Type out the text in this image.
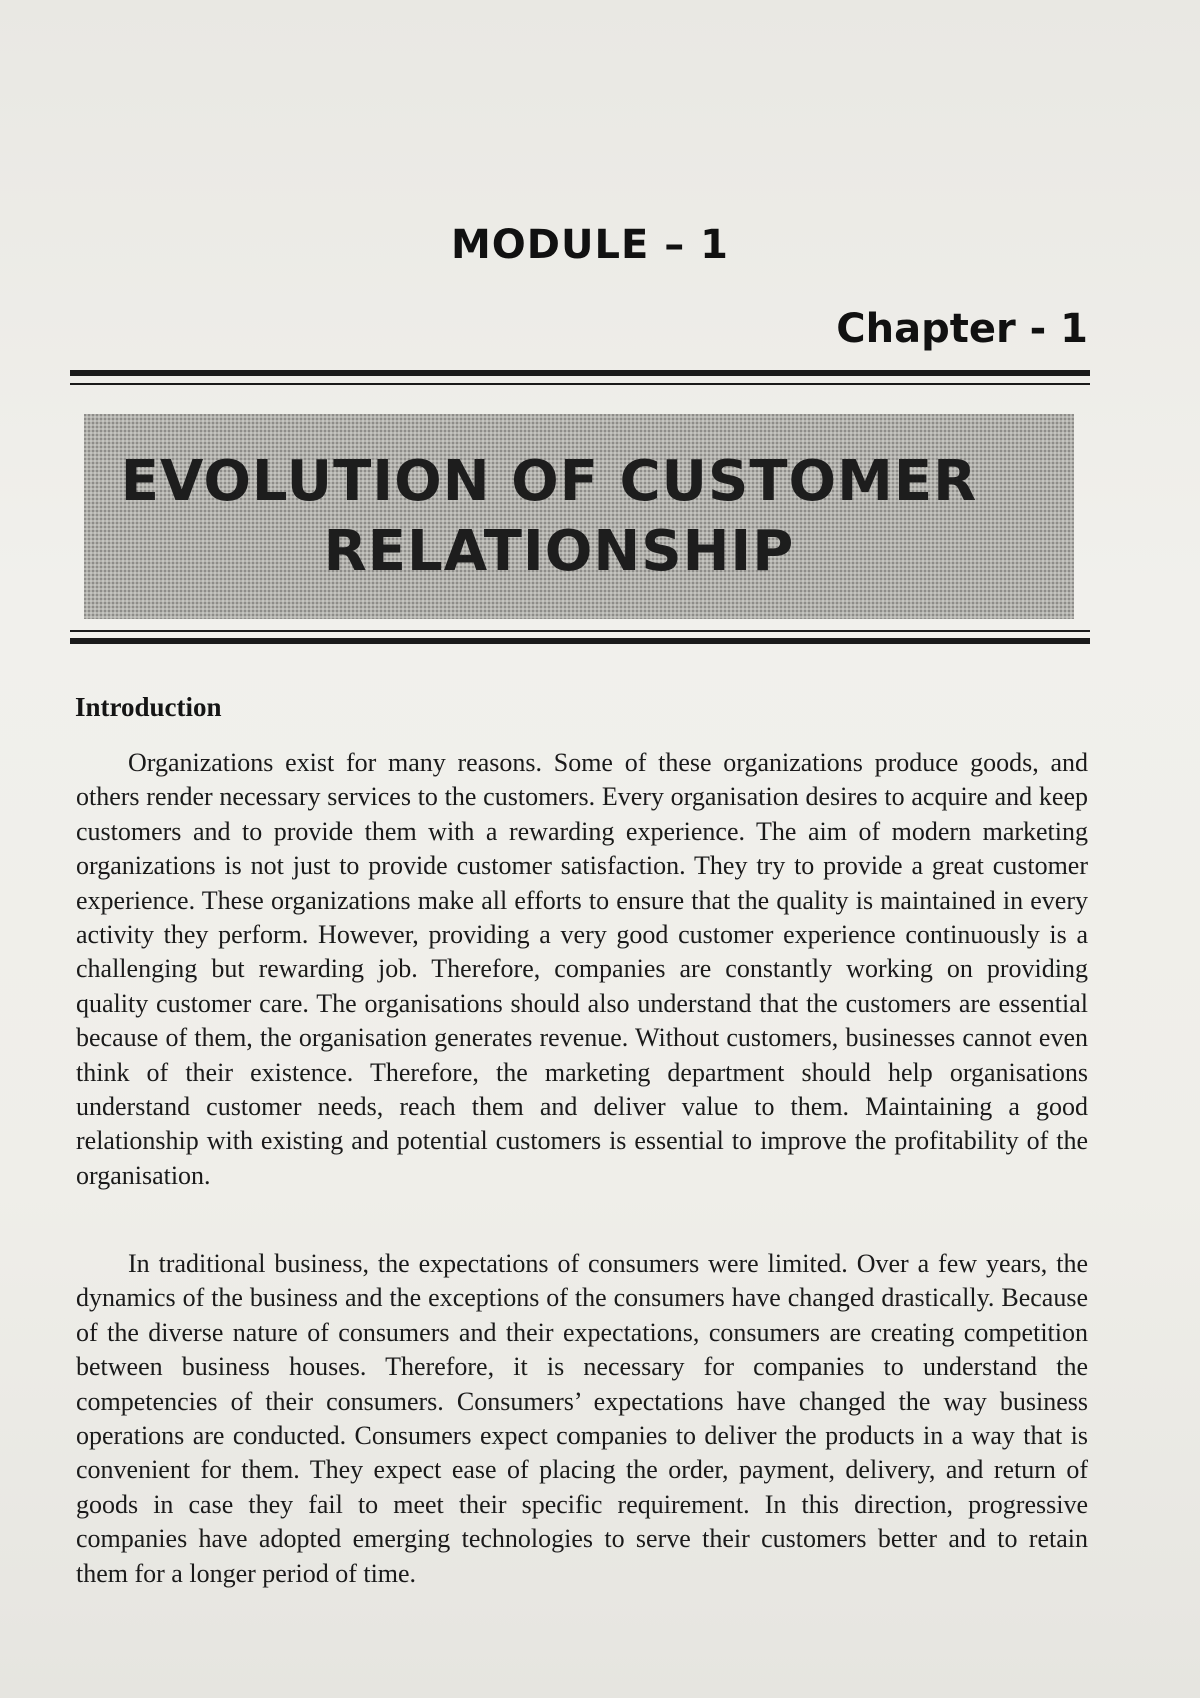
MODULE – 1
Chapter - 1
EVOLUTION OF CUSTOMER
RELATIONSHIP
Introduction

Organizations exist for many reasons. Some of these organizations produce goods, and others render necessary services to the customers. Every organisation desires to acquire and keep customers and to provide them with a rewarding experience. The aim of modern marketing organizations is not just to provide customer satisfaction. They try to provide a great customer experience. These organizations make all efforts to ensure that the quality is maintained in every activity they perform. However, providing a very good customer experience continuously is a challenging but rewarding job. Therefore, companies are constantly working on providing quality customer care. The organisations should also understand that the customers are essential because of them, the organisation generates revenue. Without customers, businesses cannot even think of their existence. Therefore, the marketing department should help organisations understand customer needs, reach them and deliver value to them. Maintaining a good relationship with existing and potential customers is essential to improve the profitability of the organisation.

In traditional business, the expectations of consumers were limited. Over a few years, the dynamics of the business and the exceptions of the consumers have changed drastically. Because of the diverse nature of consumers and their expectations, consumers are creating competition between business houses. Therefore, it is necessary for companies to understand the competencies of their consumers. Consumers’ expectations have changed the way business operations are conducted. Consumers expect companies to deliver the products in a way that is convenient for them. They expect ease of placing the order, payment, delivery, and return of goods in case they fail to meet their specific requirement. In this direction, progressive companies have adopted emerging technologies to serve their customers better and to retain them for a longer period of time.
